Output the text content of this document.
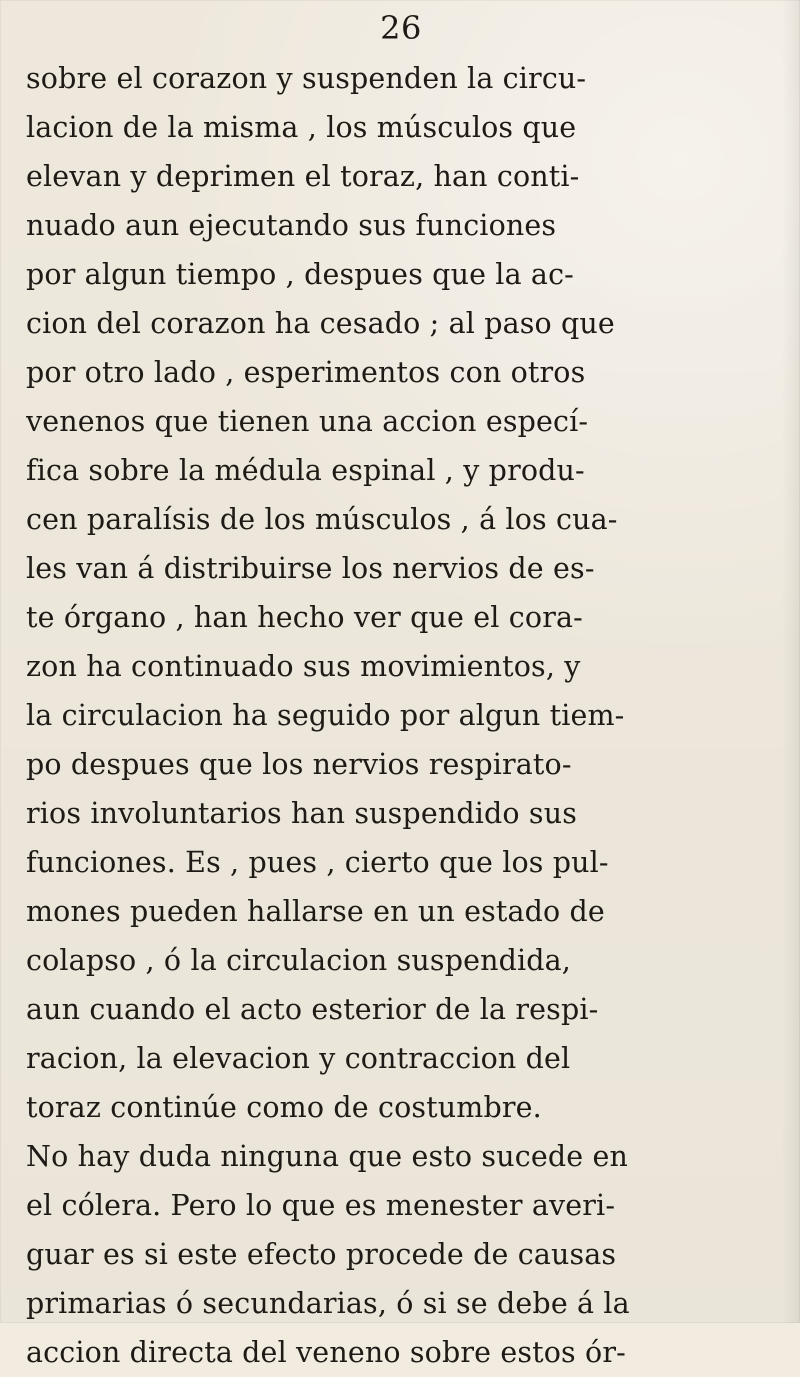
26
sobre el corazon y suspenden la circu-
lacion de la misma , los músculos que
elevan y deprimen el toraz, han conti-
nuado aun ejecutando sus funciones
por algun tiempo , despues que la ac-
cion del corazon ha cesado ; al paso que
por otro lado , esperimentos con otros
venenos que tienen una accion especí-
fica sobre la médula espinal , y produ-
cen paralísis de los músculos , á los cua-
les van á distribuirse los nervios de es-
te órgano , han hecho ver que el cora-
zon ha continuado sus movimientos, y
la circulacion ha seguido por algun tiem-
po despues que los nervios respirato-
rios involuntarios han suspendido sus
funciones. Es , pues , cierto que los pul-
mones pueden hallarse en un estado de
colapso , ó la circulacion suspendida,
aun cuando el acto esterior de la respi-
racion, la elevacion y contraccion del
toraz continúe como de costumbre.
No hay duda ninguna que esto sucede en
el cólera. Pero lo que es menester averi-
guar es si este efecto procede de causas
primarias ó secundarias, ó si se debe á la
accion directa del veneno sobre estos ór-
